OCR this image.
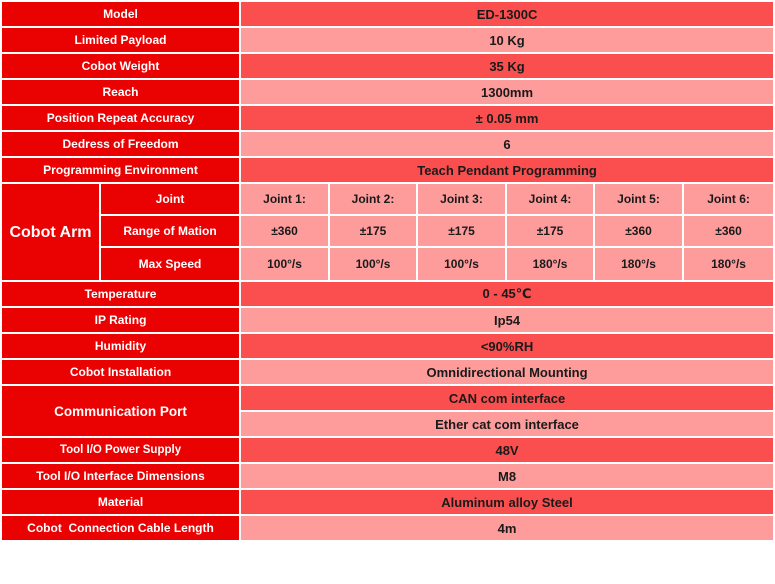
Model		ED-1300C					
Limited Payload		10 Kg					
Cobot Weight		35 Kg					
Reach		1300mm					
Position Repeat Accuracy		± 0.05 mm					
Dedress of Freedom		6					
Programming Environment		Teach Pendant Programming					
Cobot Arm	Joint	Joint 1:	Joint 2:	Joint 3:	Joint 4:	Joint 5:	Joint 6:
	Range of Mation	±360	±175	±175	±175	±360	±360
	Max Speed	100°/s	100°/s	100°/s	180°/s	180°/s	180°/s
Temperature		0 - 45℃					
IP Rating		Ip54					
Humidity		<90%RH					
Cobot Installation		Omnidirectional Mounting					
Communication Port		CAN com interface					
		Ether cat com interface					
Tool I/O Power Supply		48V					
Tool I/O Interface Dimensions		M8					
Material		Aluminum alloy Steel					
Cobot  Connection Cable Length		4m					
